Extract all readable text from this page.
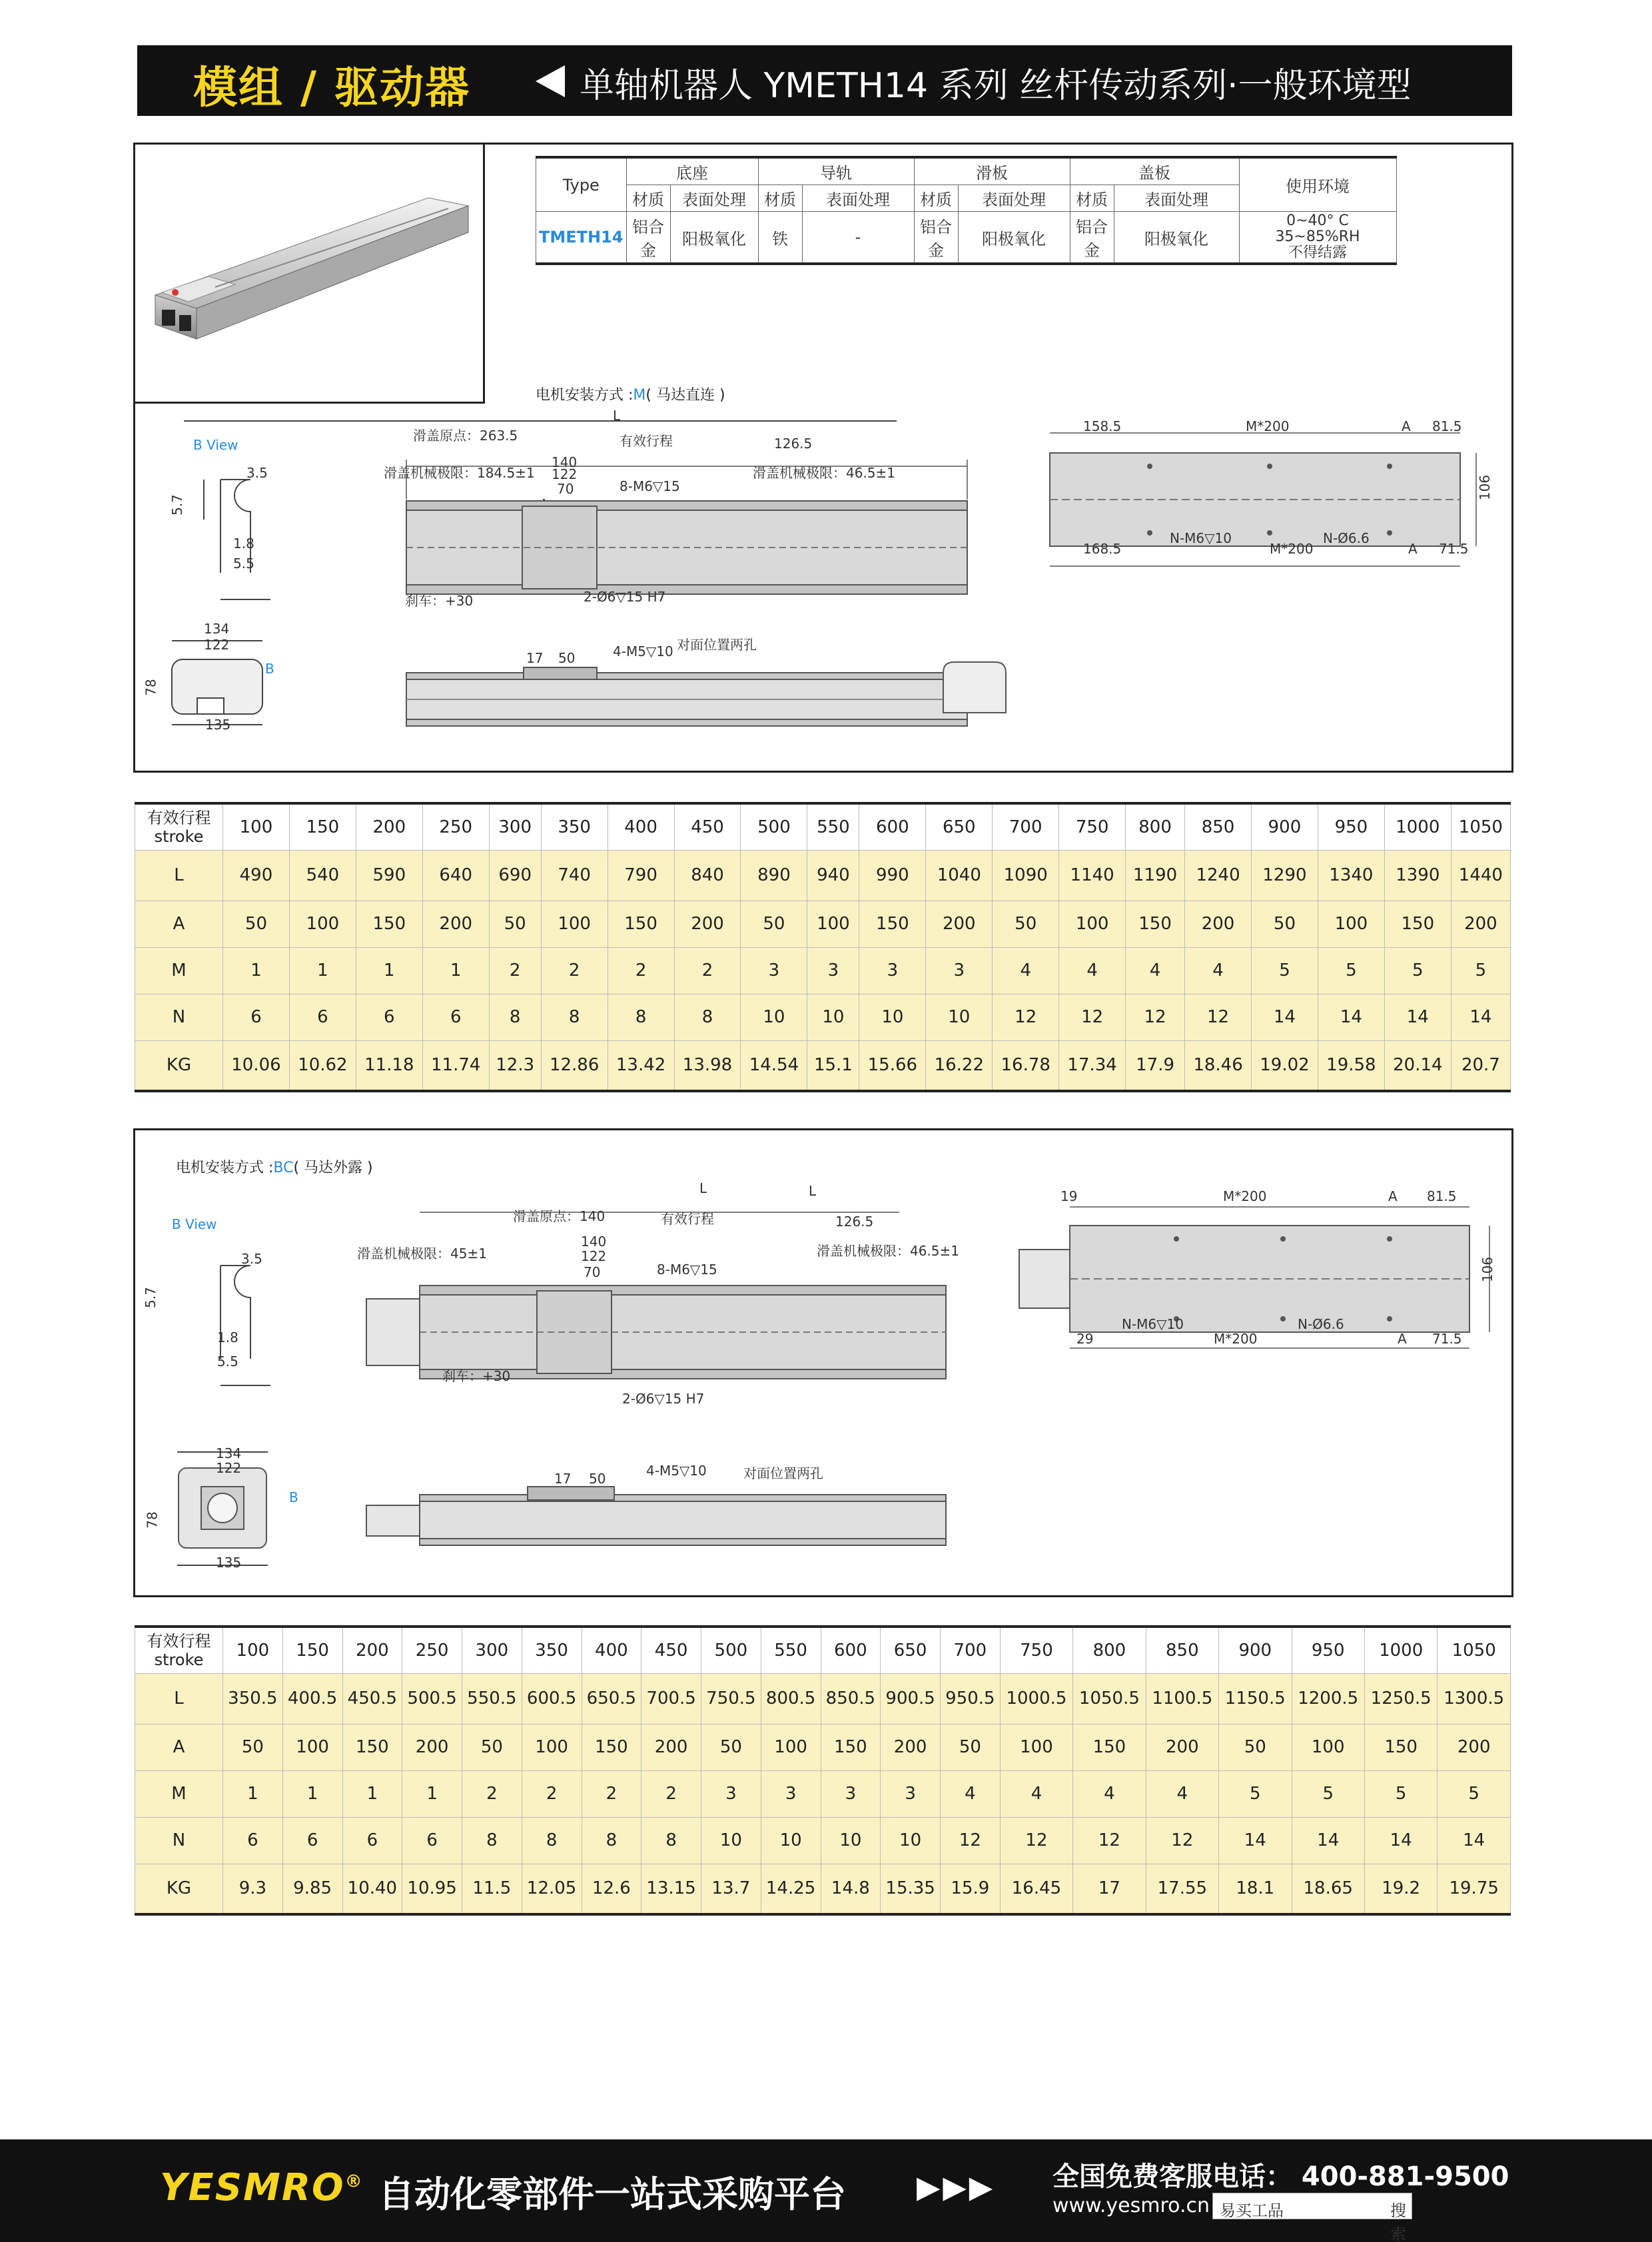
模组 / 驱动器	单轴机器人 YMETH14 系列 丝杆传动系列·一般环境型
Type	底座		导轨		滑板		盖板		使用环境
	材质	表面处理	材质	表面处理	材质	表面处理	材质	表面处理	
TMETH14	铝合金	阳极氧化	铁	-	铝合金	阳极氧化	铝合金	阳极氧化	0~40° C 35~85%RH
不得结露
电机安装方式 :M( 马达直连 )
B View
3.5
5.7
1.8
5.5
134
122
78
135
B
L
滑盖原点：263.5	有效行程	126.5
滑盖机械极限：184.5±1	滑盖机械极限：46.5±1
140
122
70	8-M6▽15
刹车：+30	2-Ø6▽15 H7
17 50	4-M5▽10 对面位置两孔
158.5	M*200	A 81.5
106
N-M6▽10
M*200
N-Ø6.6
168.5	A 71.5
有效行程
stroke	100	150	200	250	300	350	400	450	500	550	600	650	700	750	800	850	900	950	1000	1050
L	490	540	590	640	690	740	790	840	890	940	990	1040	1090	1140	1190	1240	1290	1340	1390	1440
A	50	100	150	200	50	100	150	200	50	100	150	200	50	100	150	200	50	100	150	200
M	1	1	1	1	2	2	2	2	3	3	3	3	4	4	4	4	5	5	5	5
N	6	6	6	6	8	8	8	8	10	10	10	10	12	12	12	12	14	14	14	14
KG	10.06	10.62	11.18	11.74	12.3	12.86	13.42	13.98	14.54	15.1	15.66	16.22	16.78	17.34	17.9	18.46	19.02	19.58	20.14	20.7
电机安装方式 :BC( 马达外露 )
B View
3.5
5.7
1.8
5.5
134
122
78
135
B
L	L
滑盖原点：140	有效行程	126.5
滑盖机械极限：45±1	滑盖机械极限：46.5±1
140
122
70	8-M6▽15
刹车：+30
2-Ø6▽15 H7
17 50	4-M5▽10	对面位置两孔
19	M*200	A 81.5
106
N-M6▽10
M*200
N-Ø6.6
29	A 71.5
有效行程
stroke	100	150	200	250	300	350	400	450	500	550	600	650	700	750	800	850	900	950	1000	1050
L	350.5	400.5	450.5	500.5	550.5	600.5	650.5	700.5	750.5	800.5	850.5	900.5	950.5	1000.5	1050.5	1100.5	1150.5	1200.5	1250.5	1300.5
A	50	100	150	200	50	100	150	200	50	100	150	200	50	100	150	200	50	100	150	200
M	1	1	1	1	2	2	2	2	3	3	3	3	4	4	4	4	5	5	5	5
N	6	6	6	6	8	8	8	8	10	10	10	10	12	12	12	12	14	14	14	14
KG	9.3	9.85	10.40	10.95	11.5	12.05	12.6	13.15	13.7	14.25	14.8	15.35	15.9	16.45	17	17.55	18.1	18.65	19.2	19.75
YESMRO® 自动化零部件一站式采购平台 ▶▶▶ 全国免费客服电话： 400-881-9500
www.yesmro.cn 易买工品	搜索
